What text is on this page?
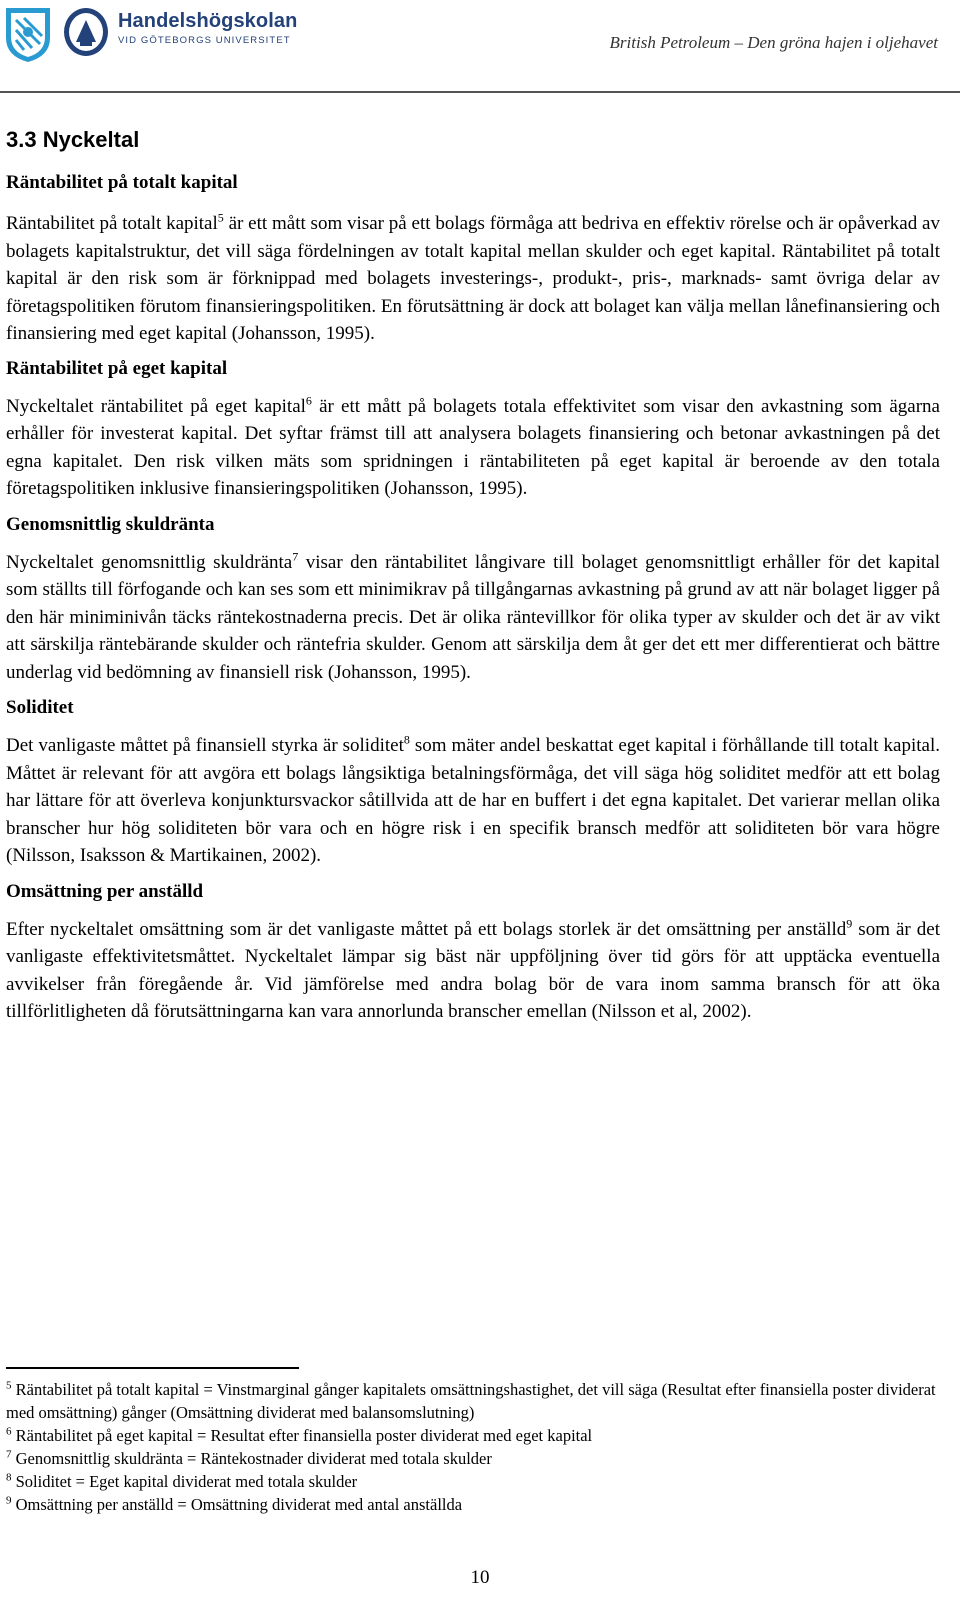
Handelshögskolan
VID GÖTEBORGS UNIVERSITET	British Petroleum – Den gröna hajen i oljehavet
3.3 Nyckeltal
Räntabilitet på totalt kapital

Räntabilitet på totalt kapital$^5$ är ett mått som visar på ett bolags förmåga att bedriva en effektiv rörelse och är opåverkad av bolagets kapitalstruktur, det vill säga fördelningen av totalt kapital mellan skulder och eget kapital. Räntabilitet på totalt kapital är den risk som är förknippad med bolagets investerings-, produkt-, pris-, marknads- samt övriga delar av företagspolitiken förutom finansieringspolitiken. En förutsättning är dock att bolaget kan välja mellan lånefinansiering och finansiering med eget kapital (Johansson, 1995).

Räntabilitet på eget kapital

Nyckeltalet räntabilitet på eget kapital$^6$ är ett mått på bolagets totala effektivitet som visar den avkastning som ägarna erhåller för investerat kapital. Det syftar främst till att analysera bolagets finansiering och betonar avkastningen på det egna kapitalet. Den risk vilken mäts som spridningen i räntabiliteten på eget kapital är beroende av den totala företagspolitiken inklusive finansieringspolitiken (Johansson, 1995).

Genomsnittlig skuldränta

Nyckeltalet genomsnittlig skuldränta$^7$ visar den räntabilitet långivare till bolaget genomsnittligt erhåller för det kapital som ställts till förfogande och kan ses som ett minimikrav på tillgångarnas avkastning på grund av att när bolaget ligger på den här miniminivån täcks räntekostnaderna precis. Det är olika räntevillkor för olika typer av skulder och det är av vikt att särskilja räntebärande skulder och räntefria skulder. Genom att särskilja dem åt ger det ett mer differentierat och bättre underlag vid bedömning av finansiell risk (Johansson, 1995).

Soliditet

Det vanligaste måttet på finansiell styrka är soliditet$^8$ som mäter andel beskattat eget kapital i förhållande till totalt kapital. Måttet är relevant för att avgöra ett bolags långsiktiga betalningsförmåga, det vill säga hög soliditet medför att ett bolag har lättare för att överleva konjunktursvackor såtillvida att de har en buffert i det egna kapitalet. Det varierar mellan olika branscher hur hög soliditeten bör vara och en högre risk i en specifik bransch medför att soliditeten bör vara högre (Nilsson, Isaksson & Martikainen, 2002).

Omsättning per anställd

Efter nyckeltalet omsättning som är det vanligaste måttet på ett bolags storlek är det omsättning per anställd$^9$ som är det vanligaste effektivitetsmåttet. Nyckeltalet lämpar sig bäst när uppföljning över tid görs för att upptäcka eventuella avvikelser från föregående år. Vid jämförelse med andra bolag bör de vara inom samma bransch för att öka tillförlitligheten då förutsättningarna kan vara annorlunda branscher emellan (Nilsson et al, 2002).

$^5$ Räntabilitet på totalt kapital = Vinstmarginal gånger kapitalets omsättningshastighet, det vill säga (Resultat efter finansiella poster dividerat med omsättning) gånger (Omsättning dividerat med balansomslutning)

$^6$ Räntabilitet på eget kapital = Resultat efter finansiella poster dividerat med eget kapital

$^7$ Genomsnittlig skuldränta = Räntekostnader dividerat med totala skulder

$^8$ Soliditet = Eget kapital dividerat med totala skulder

$^9$ Omsättning per anställd = Omsättning dividerat med antal anställda

10
